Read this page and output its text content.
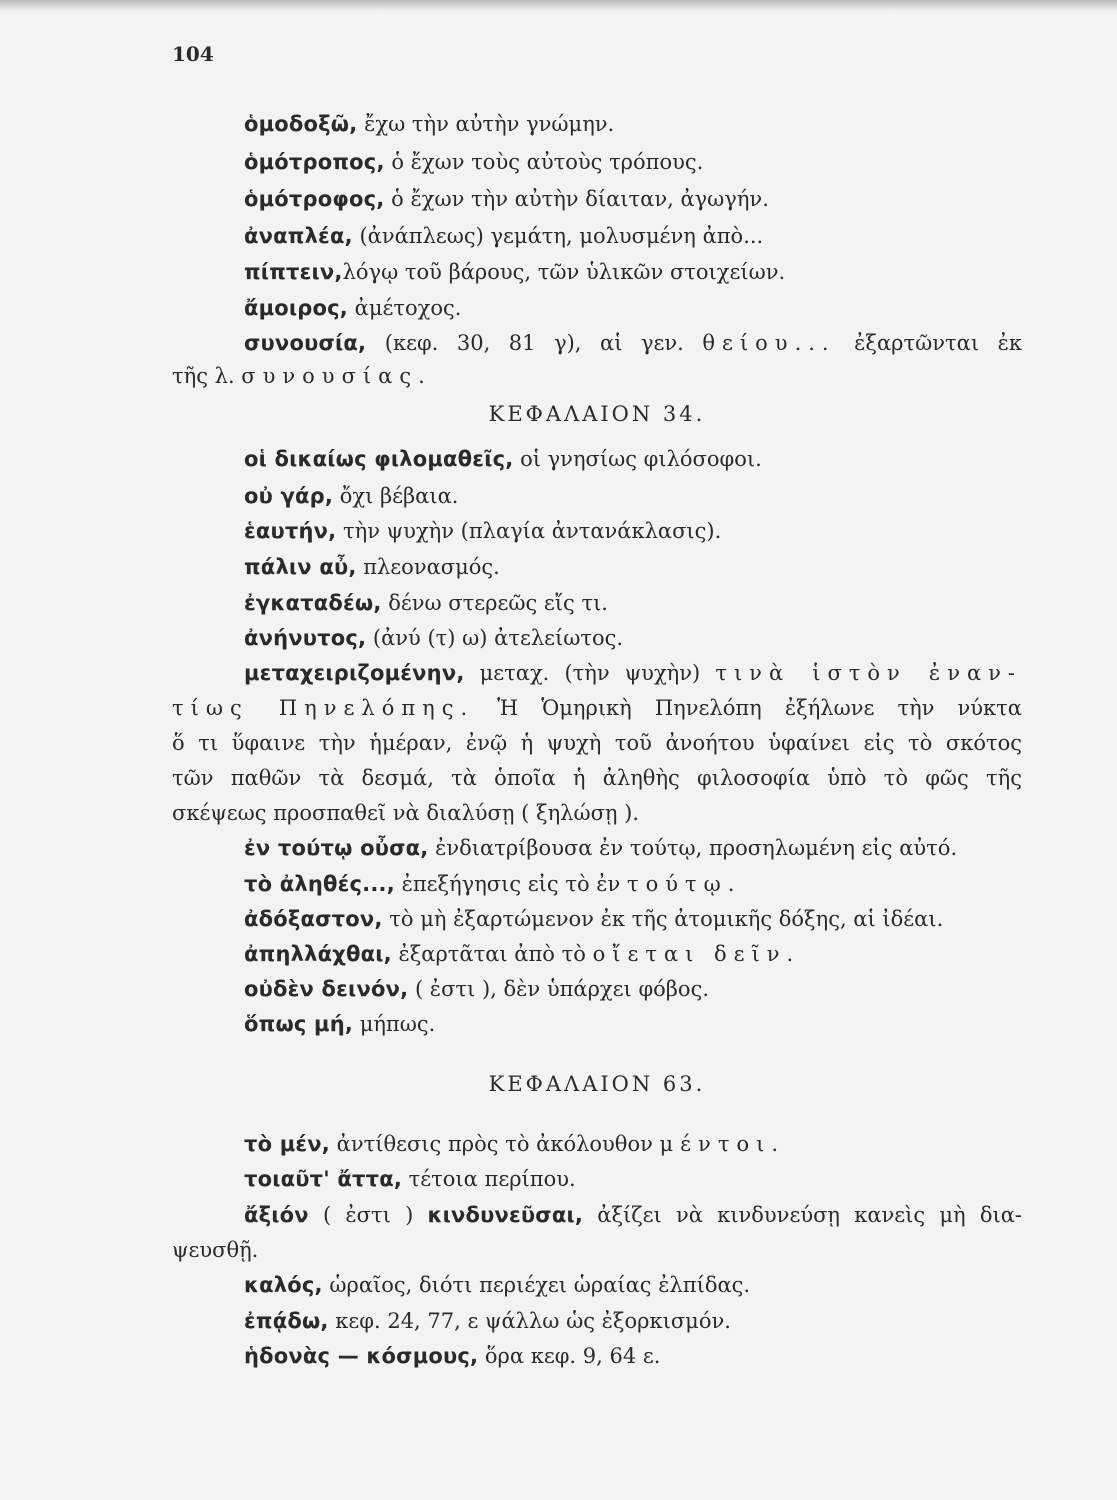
104
ὁμοδοξῶ, ἔχω τὴν αὐτὴν γνώμην.
ὁμότροπος, ὁ ἔχων τοὺς αὐτοὺς τρόπους.
ὁμότροφος, ὁ ἔχων τὴν αὐτὴν δίαιταν, ἀγωγήν.
ἀναπλέα, (ἀνάπλεως) γεμάτη, μολυσμένη ἀπὸ...
πίπτειν,λόγῳ τοῦ βάρους, τῶν ὑλικῶν στοιχείων.
ἄμοιρος, ἀμέτοχος.
συνουσία, (κεφ. 30, 81 γ), αἱ γεν. θείου... ἐξαρτῶνται ἐκ
τῆς λ. συνουσίας.
ΚΕΦΑΛΑΙΟΝ 34.
οἱ δικαίως φιλομαθεῖς, οἱ γνησίως φιλόσοφοι.
οὐ γάρ, ὄχι βέβαια.
ἑαυτήν, τὴν ψυχὴν (πλαγία ἀντανάκλασις).
πάλιν αὖ, πλεονασμός.
ἐγκαταδέω, δένω στερεῶς εἴς τι.
ἀνήνυτος, (ἀνύ (τ) ω) ἀτελείωτος.
μεταχειριζομένην, μεταχ. (τὴν ψυχὴν) τινὰ ἱστὸν ἐναν-
τίως Πηνελόπης. Ἡ Ὁμηρικὴ Πηνελόπη ἐξήλωνε τὴν νύκτα
ὅ τι ὕφαινε τὴν ἡμέραν, ἐνῷ ἡ ψυχὴ τοῦ ἀνοήτου ὑφαίνει εἰς τὸ σκότος
τῶν παθῶν τὰ δεσμά, τὰ ὁποῖα ἡ ἀληθὴς φιλοσοφία ὑπὸ τὸ φῶς τῆς
σκέψεως προσπαθεῖ νὰ διαλύσῃ ( ξηλώσῃ ).
ἐν τούτῳ οὖσα, ἐνδιατρίβουσα ἐν τούτῳ, προσηλωμένη εἰς αὐτό.
τὸ ἀληθές..., ἐπεξήγησις εἰς τὸ ἐν τούτῳ.
ἀδόξαστον, τὸ μὴ ἐξαρτώμενον ἐκ τῆς ἀτομικῆς δόξης, αἱ ἰδέαι.
ἀπηλλάχθαι, ἐξαρτᾶται ἀπὸ τὸ οἴεται δεῖν.
οὐδὲν δεινόν, ( ἐστι ), δὲν ὑπάρχει φόβος.
ὅπως μή, μήπως.
ΚΕΦΑΛΑΙΟΝ 63.
τὸ μέν, ἀντίθεσις πρὸς τὸ ἀκόλουθον μέντοι.
τοιαῦτ' ἄττα, τέτοια περίπου.
ἄξιόν ( ἐστι ) κινδυνεῦσαι, ἀξίζει νὰ κινδυνεύσῃ κανεὶς μὴ δια-
ψευσθῇ.
καλός, ὡραῖος, διότι περιέχει ὡραίας ἐλπίδας.
ἐπᾴδω, κεφ. 24, 77, ε ψάλλω ὡς ἐξορκισμόν.
ἡδονὰς — κόσμους, ὅρα κεφ. 9, 64 ε.
